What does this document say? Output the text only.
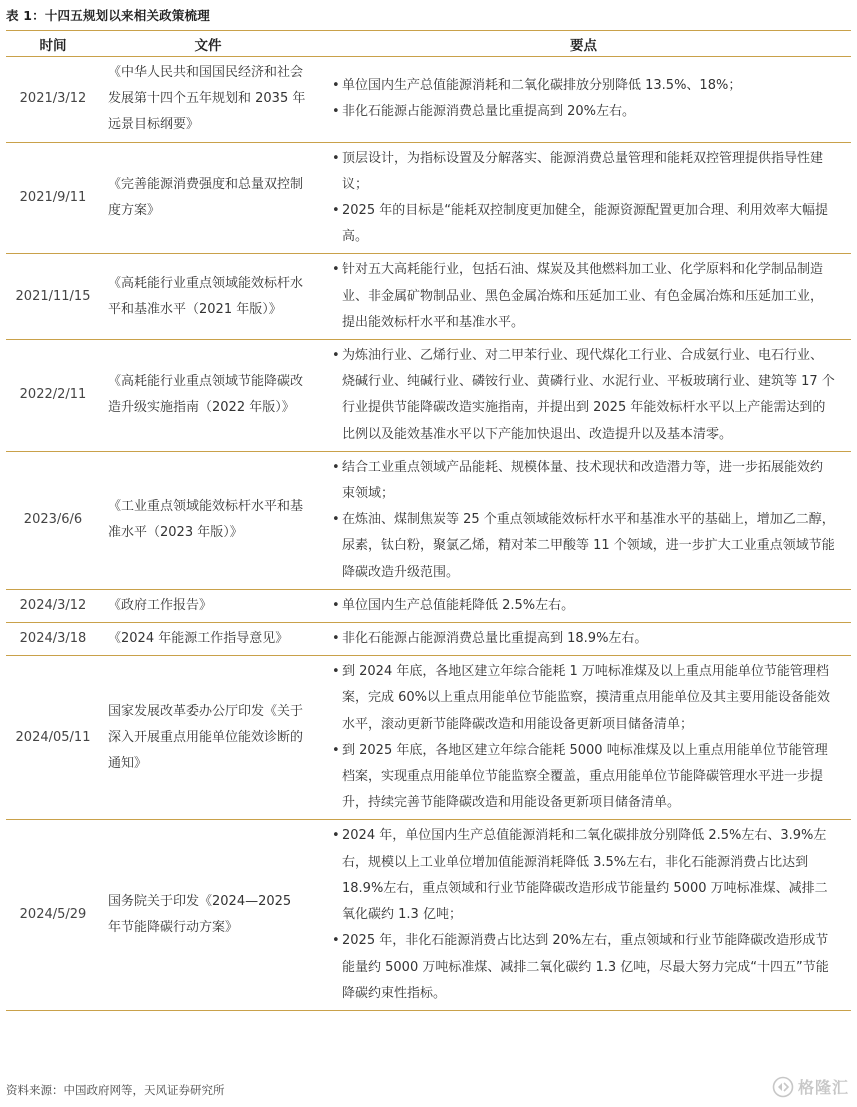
表 1：十四五规划以来相关政策梳理
时间	文件	要点
2021/3/12	《中华人民共和国国民经济和社会发展第十四个五年规划和 2035 年远景目标纲要》	• 单位国内生产总值能源消耗和二氧化碳排放分别降低 13.5%、18%；
• 非化石能源占能源消费总量比重提高到 20%左右。

2021/9/11	《完善能源消费强度和总量双控制度方案》	• 顶层设计，为指标设置及分解落实、能源消费总量管理和能耗双控管理提供指导性建议；
• 2025 年的目标是“能耗双控制度更加健全，能源资源配置更加合理、利用效率大幅提高。

2021/11/15	《高耗能行业重点领域能效标杆水平和基准水平（2021 年版）》	• 针对五大高耗能行业，包括石油、煤炭及其他燃料加工业、化学原料和化学制品制造业、非金属矿物制品业、黑色金属冶炼和压延加工业、有色金属冶炼和压延加工业，提出能效标杆水平和基准水平。

2022/2/11	《高耗能行业重点领域节能降碳改造升级实施指南（2022 年版）》	• 为炼油行业、乙烯行业、对二甲苯行业、现代煤化工行业、合成氨行业、电石行业、烧碱行业、纯碱行业、磷铵行业、黄磷行业、水泥行业、平板玻璃行业、建筑等 17 个行业提供节能降碳改造实施指南，并提出到 2025 年能效标杆水平以上产能需达到的比例以及能效基准水平以下产能加快退出、改造提升以及基本清零。

2023/6/6	《工业重点领域能效标杆水平和基准水平（2023 年版）》	• 结合工业重点领域产品能耗、规模体量、技术现状和改造潜力等，进一步拓展能效约束领域；
• 在炼油、煤制焦炭等 25 个重点领域能效标杆水平和基准水平的基础上，增加乙二醇，尿素，钛白粉，聚氯乙烯，精对苯二甲酸等 11 个领域，进一步扩大工业重点领域节能降碳改造升级范围。

2024/3/12	《政府工作报告》	• 单位国内生产总值能耗降低 2.5%左右。

2024/3/18	《2024 年能源工作指导意见》	• 非化石能源占能源消费总量比重提高到 18.9%左右。

2024/05/11	国家发展改革委办公厅印发《关于深入开展重点用能单位能效诊断的通知》	• 到 2024 年底，各地区建立年综合能耗 1 万吨标准煤及以上重点用能单位节能管理档案，完成 60%以上重点用能单位节能监察，摸清重点用能单位及其主要用能设备能效水平，滚动更新节能降碳改造和用能设备更新项目储备清单；
• 到 2025 年底，各地区建立年综合能耗 5000 吨标准煤及以上重点用能单位节能管理档案，实现重点用能单位节能监察全覆盖，重点用能单位节能降碳管理水平进一步提升，持续完善节能降碳改造和用能设备更新项目储备清单。

2024/5/29	国务院关于印发《2024—2025 年节能降碳行动方案》	• 2024 年，单位国内生产总值能源消耗和二氧化碳排放分别降低 2.5%左右、3.9%左右，规模以上工业单位增加值能源消耗降低 3.5%左右，非化石能源消费占比达到 18.9%左右，重点领域和行业节能降碳改造形成节能量约 5000 万吨标准煤、减排二氧化碳约 1.3 亿吨；
• 2025 年，非化石能源消费占比达到 20%左右，重点领域和行业节能降碳改造形成节能量约 5000 万吨标准煤、减排二氧化碳约 1.3 亿吨，尽最大努力完成“十四五”节能降碳约束性指标。
资料来源：中国政府网等，天风证券研究所	格隆汇
